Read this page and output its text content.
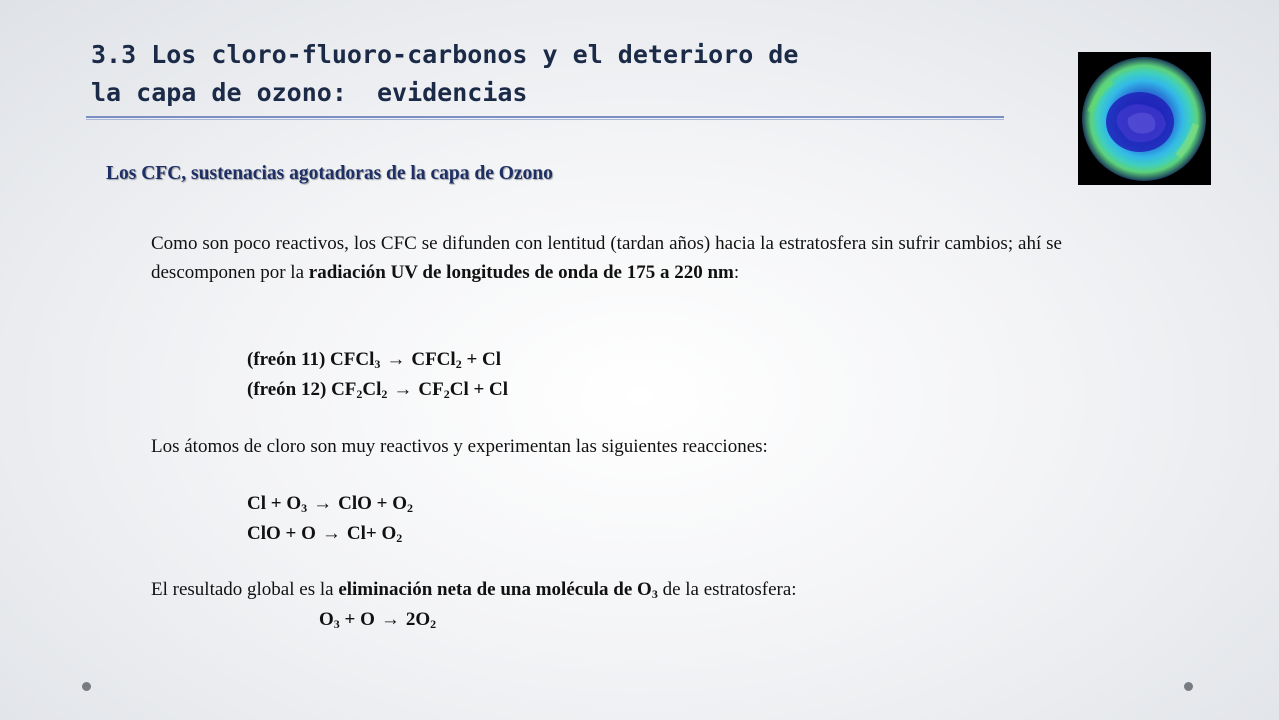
3.3 Los cloro-fluoro-carbonos y el deterioro de
la capa de ozono:  evidencias
Los CFC, sustenacias agotadoras de la capa de Ozono

Como son poco reactivos, los CFC se difunden con lentitud (tardan años) hacia la estratosfera sin sufrir cambios; ahí se descomponen por la radiación UV de longitudes de onda de 175 a 220 nm:

(freón 11) CFCl$_3$ → CFCl$_2$ + Cl

(freón 12) $CF_2Cl_2 \to CF_2Cl + Cl$

Los átomos de cloro son muy reactivos y experimentan las siguientes reacciones:

$Cl + O_3$ → ClO + $O_2$

ClO + $O \to Cl+ O_2$

El resultado global es la eliminación neta de una molécula de $O_3$ de la estratosfera:

$O_3 + O \to 2O_2$
